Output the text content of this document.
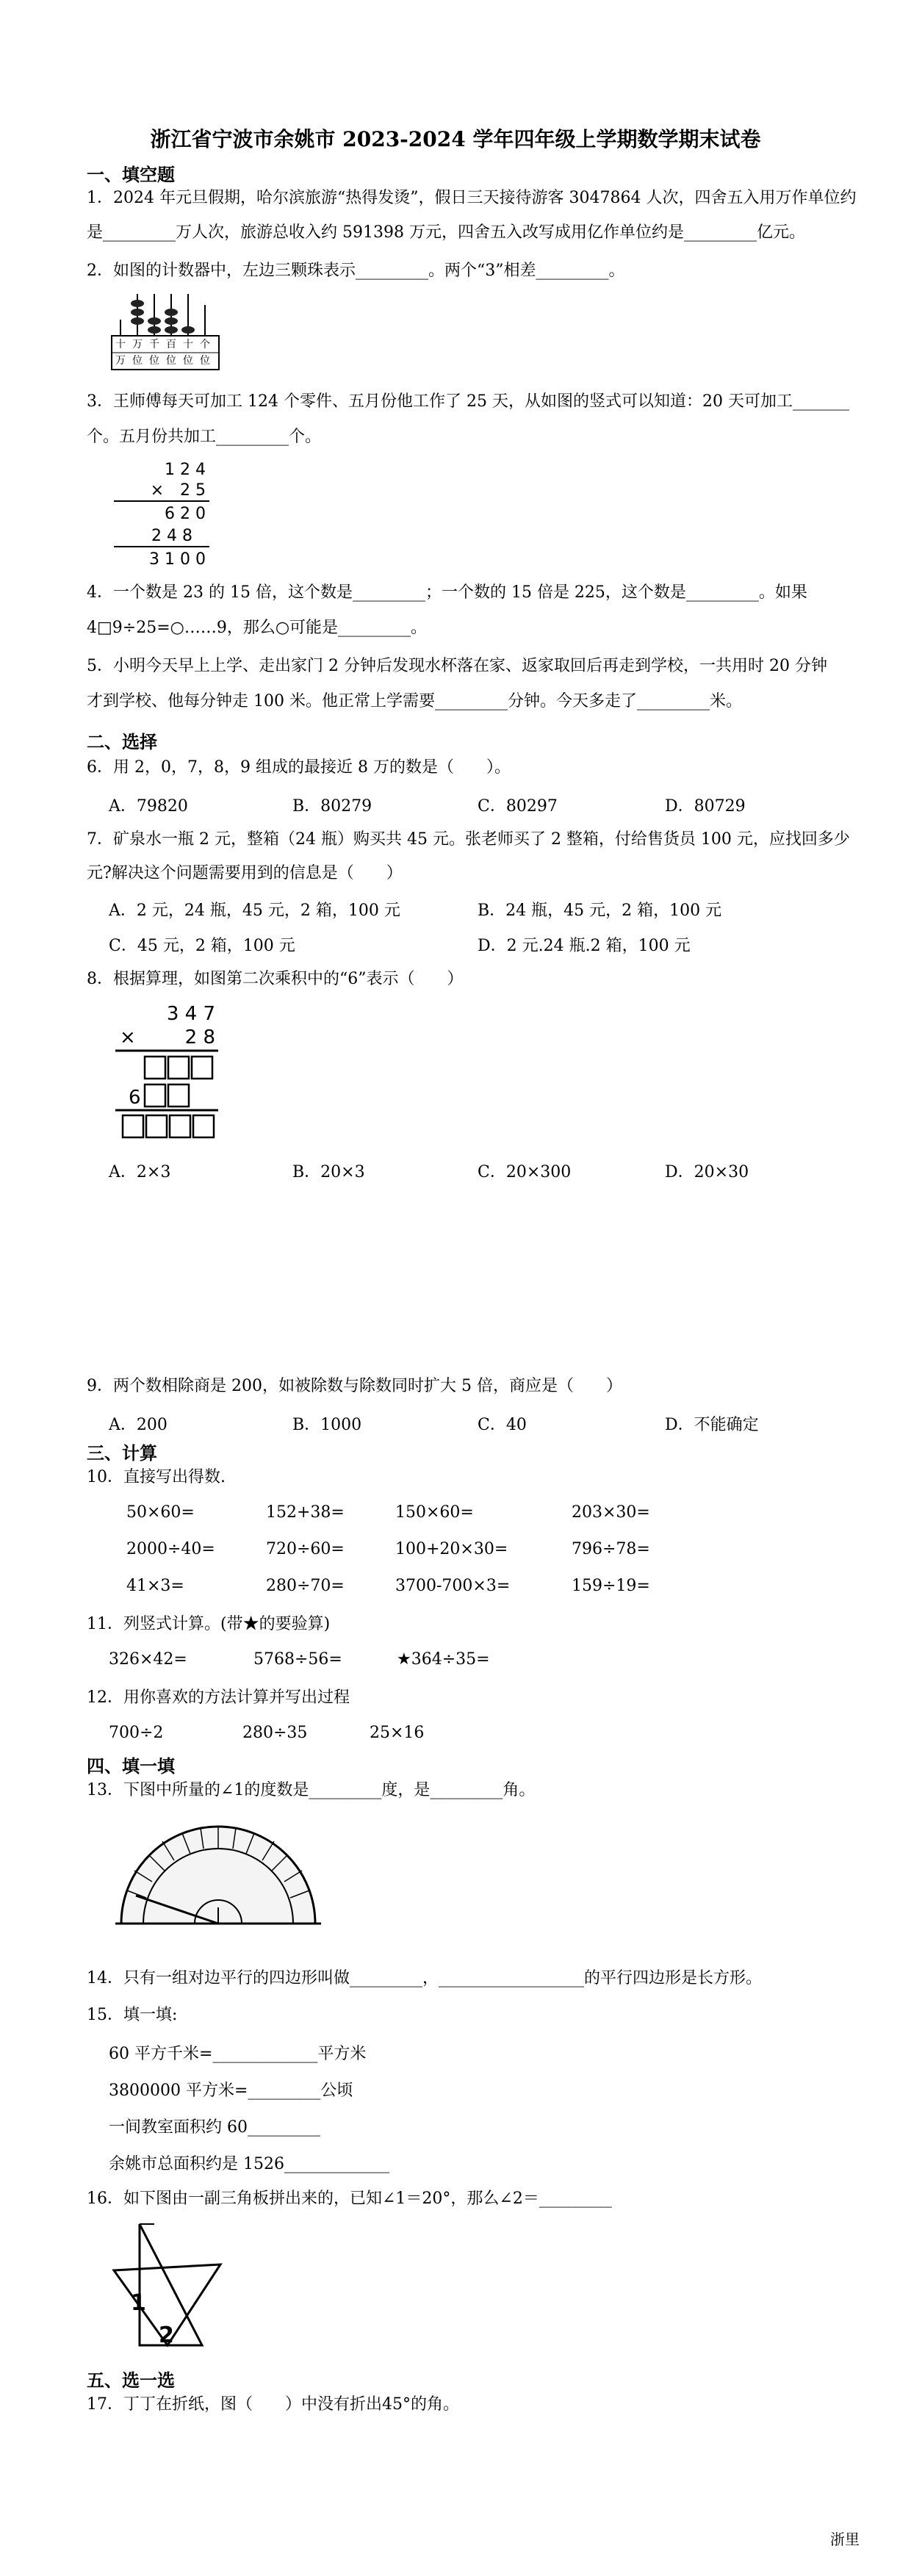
浙江省宁波市余姚市 2023-2024 学年四年级上学期数学期末试卷
一、填空题
1．2024 年元旦假期，哈尔滨旅游“热得发烫”，假日三天接待游客 3047864 人次，四舍五入用万作单位约
是_________万人次，旅游总收入约 591398 万元，四舍五入改写成用亿作单位约是_________亿元。
2．如图的计数器中，左边三颗珠表示_________。两个“3”相差_________。
十 万 千 百 十 个
万 位 位 位 位 位
3．王师傅每天可加工 124 个零件、五月份他工作了 25 天，从如图的竖式可以知道：20 天可加工_______
个。五月份共加工_________个。
1 2 4
×　2 5
6 2 0
2 4 8
3 1 0 0
4．一个数是 23 的 15 倍，这个数是_________；一个数的 15 倍是 225，这个数是_________。如果
4□9÷25=○……9，那么○可能是_________。
5．小明今天早上上学、走出家门 2 分钟后发现水杯落在家、返家取回后再走到学校，一共用时 20 分钟
才到学校、他每分钟走 100 米。他正常上学需要_________分钟。今天多走了_________米。
二、选择
6．用 2，0，7，8，9 组成的最接近 8 万的数是（　　）。
A．79820	B．80279	C．80297	D．80729
7．矿泉水一瓶 2 元，整箱（24 瓶）购买共 45 元。张老师买了 2 整箱，付给售货员 100 元，应找回多少
元?解决这个问题需要用到的信息是（　　）
A．2 元，24 瓶，45 元，2 箱，100 元	B．24 瓶，45 元，2 箱，100 元
C．45 元，2 箱，100 元	D．2 元.24 瓶.2 箱，100 元
8．根据算理，如图第二次乘积中的“6”表示（　　）
3 4 7
2 8
×
6
A．2×3	B．20×3	C．20×300	D．20×30
9．两个数相除商是 200，如被除数与除数同时扩大 5 倍，商应是（　　）
A．200	B．1000	C．40	D．不能确定
三、计算
10．直接写出得数.
50×60=	152+38=	150×60=	203×30=
2000÷40=	720÷60=	100+20×30=	796÷78=
41×3=	280÷70=	3700-700×3=	159÷19=
11．列竖式计算。(带★的要验算)
326×42=	5768÷56=	★364÷35=
12．用你喜欢的方法计算并写出过程
700÷2	280÷35	25×16
四、填一填
13．下图中所量的∠1的度数是_________度，是_________角。
14．只有一组对边平行的四边形叫做_________，__________________的平行四边形是长方形。
15．填一填:
60 平方千米=_____________平方米
3800000 平方米=_________公顷
一间教室面积约 60_________
余姚市总面积约是 1526_____________
16．如下图由一副三角板拼出来的，已知∠1＝20°，那么∠2＝_________
1
2
五、选一选
17．丁丁在折纸，图（　　）中没有折出45°的角。
浙里
